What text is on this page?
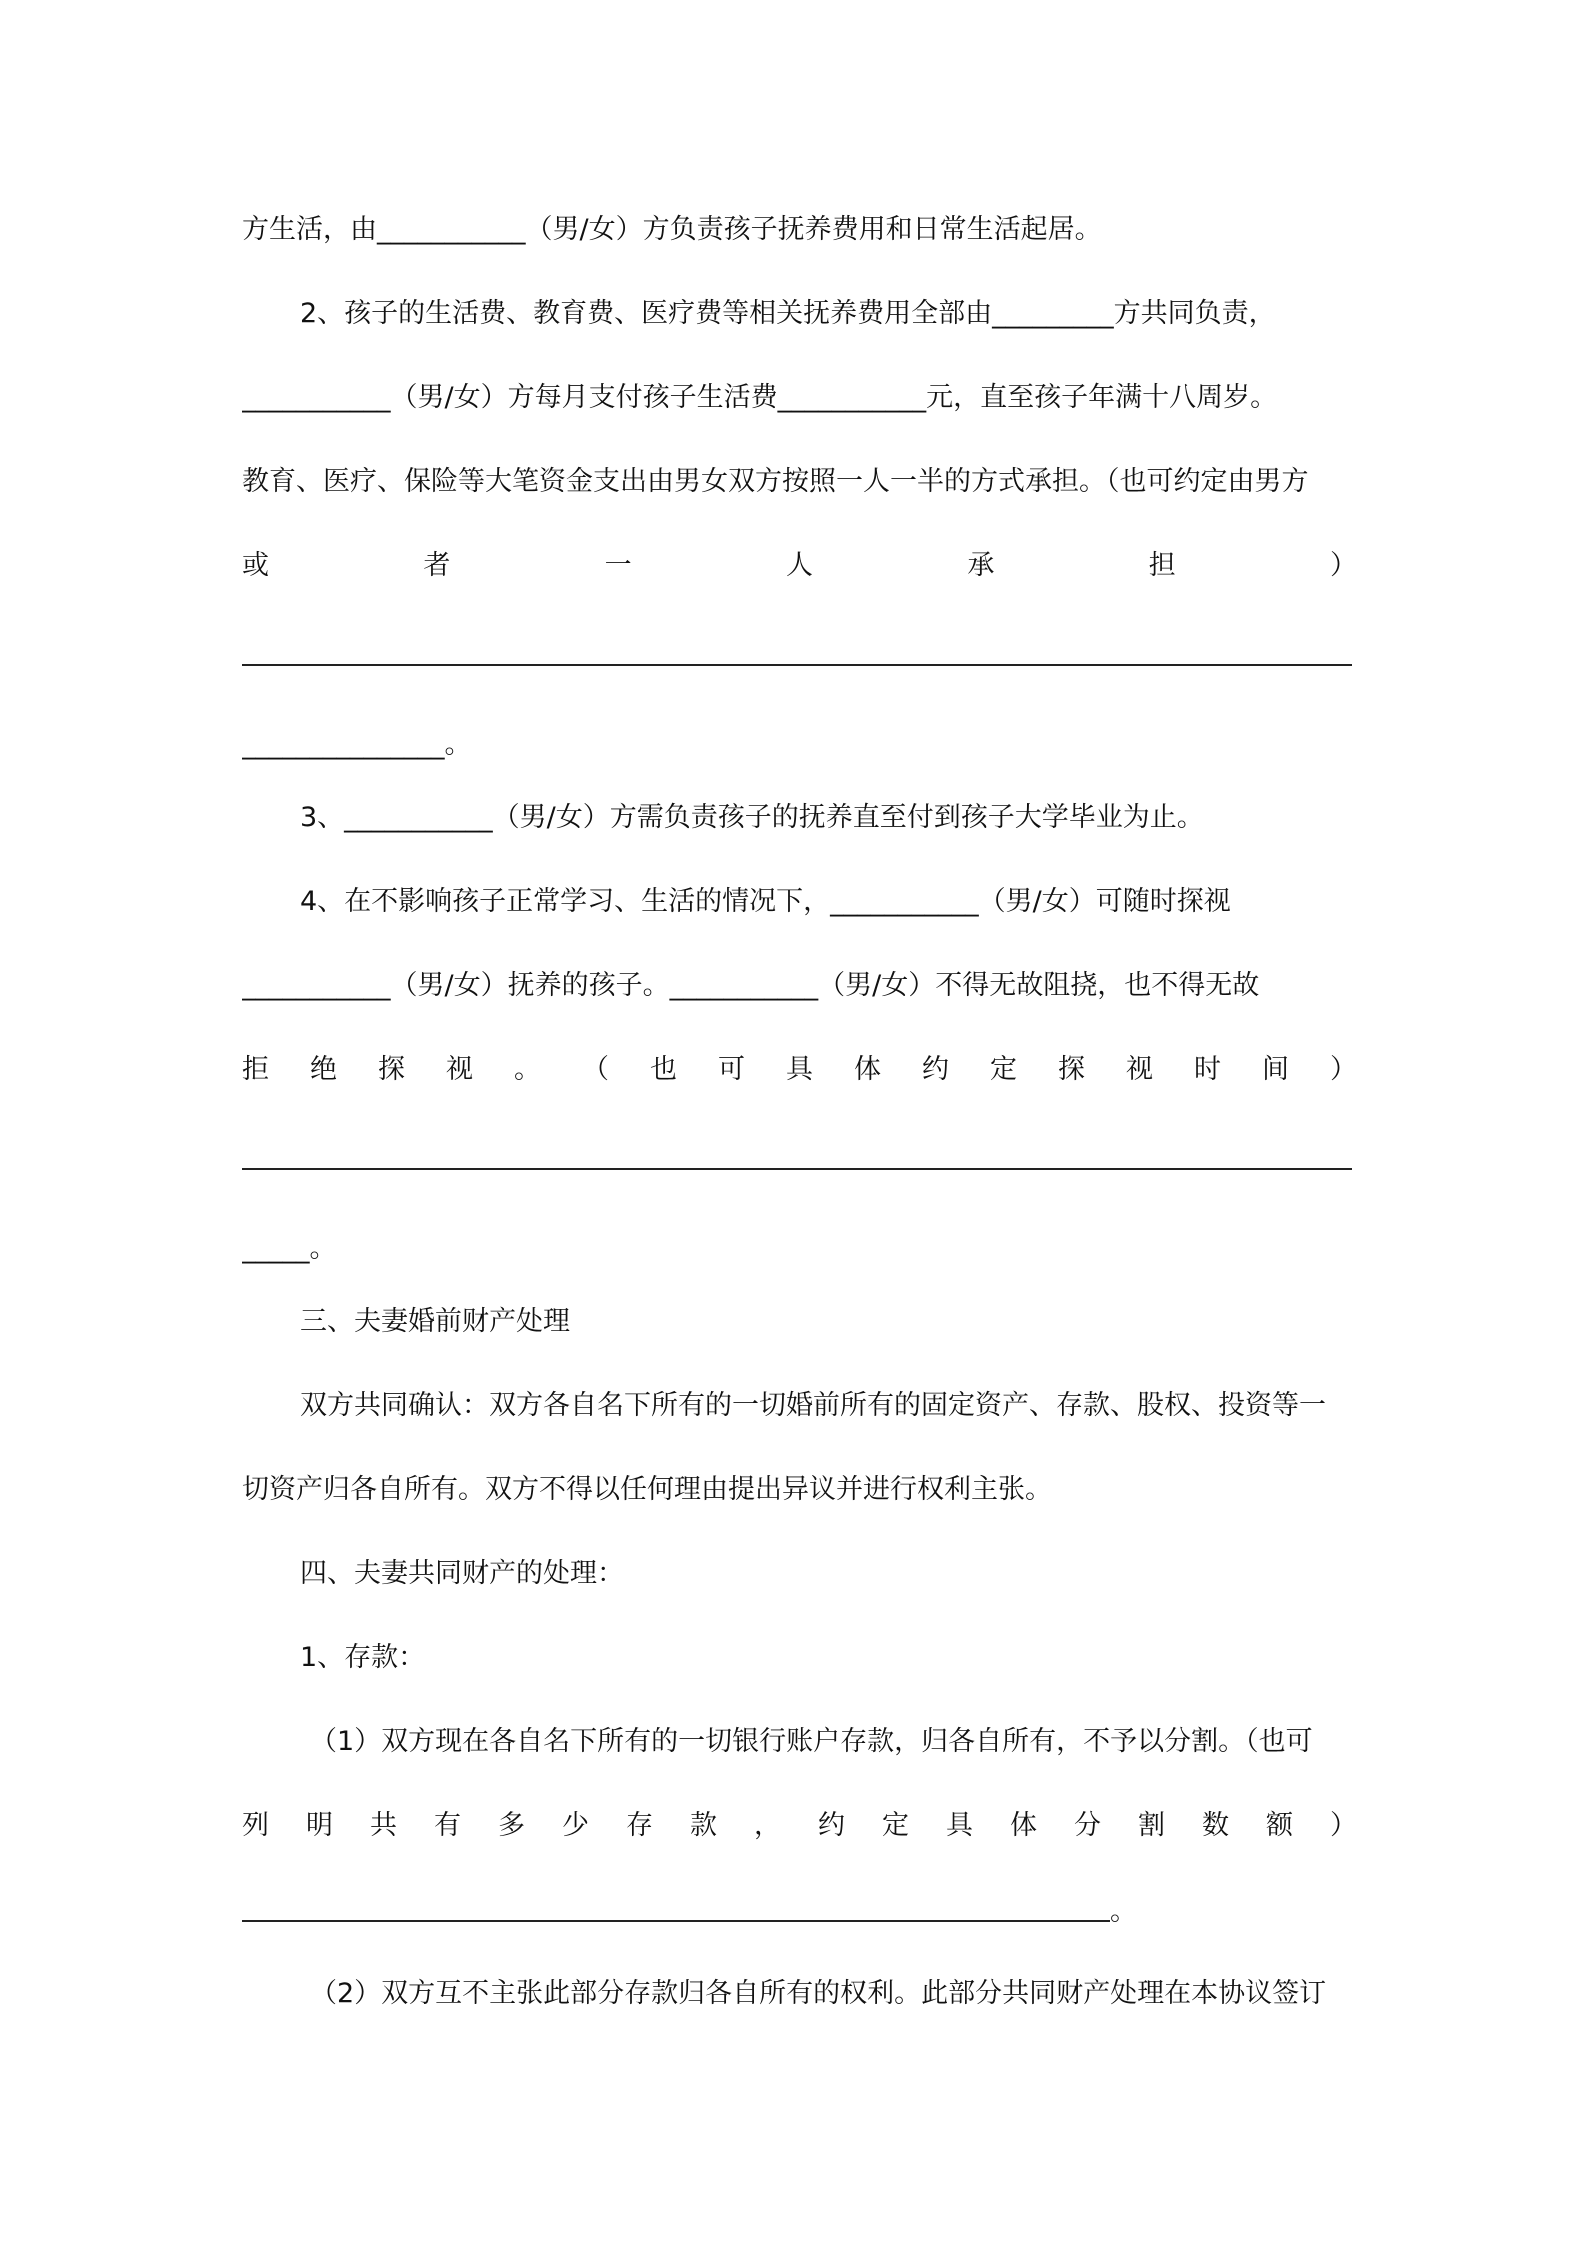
方生活，由___________（男/女）方负责孩子抚养费用和日常生活起居。
2、孩子的生活费、教育费、医疗费等相关抚养费用全部由_________方共同负责，
___________（男/女）方每月支付孩子生活费___________元，直至孩子年满十八周岁。
教育、医疗、保险等大笔资金支出由男女双方按照一人一半的方式承担。（也可约定由男方
或	者	一	人	承	担	）
_______________。
3、___________（男/女）方需负责孩子的抚养直至付到孩子大学毕业为止。
4、在不影响孩子正常学习、生活的情况下，___________（男/女）可随时探视
___________（男/女）抚养的孩子。___________（男/女）不得无故阻挠，也不得无故
拒 绝 探 视 。 （ 也 可 具 体 约 定 探 视 时 间 ）
_____。
三、夫妻婚前财产处理
双方共同确认：双方各自名下所有的一切婚前所有的固定资产、存款、股权、投资等一
切资产归各自所有。双方不得以任何理由提出异议并进行权利主张。
四、夫妻共同财产的处理：
1、存款：
（1）双方现在各自名下所有的一切银行账户存款，归各自所有，不予以分割。（也可
列 明 共 有 多 少 存 款 ， 约 定 具 体 分 割 数 额 ）
。
（2）双方互不主张此部分存款归各自所有的权利。此部分共同财产处理在本协议签订
